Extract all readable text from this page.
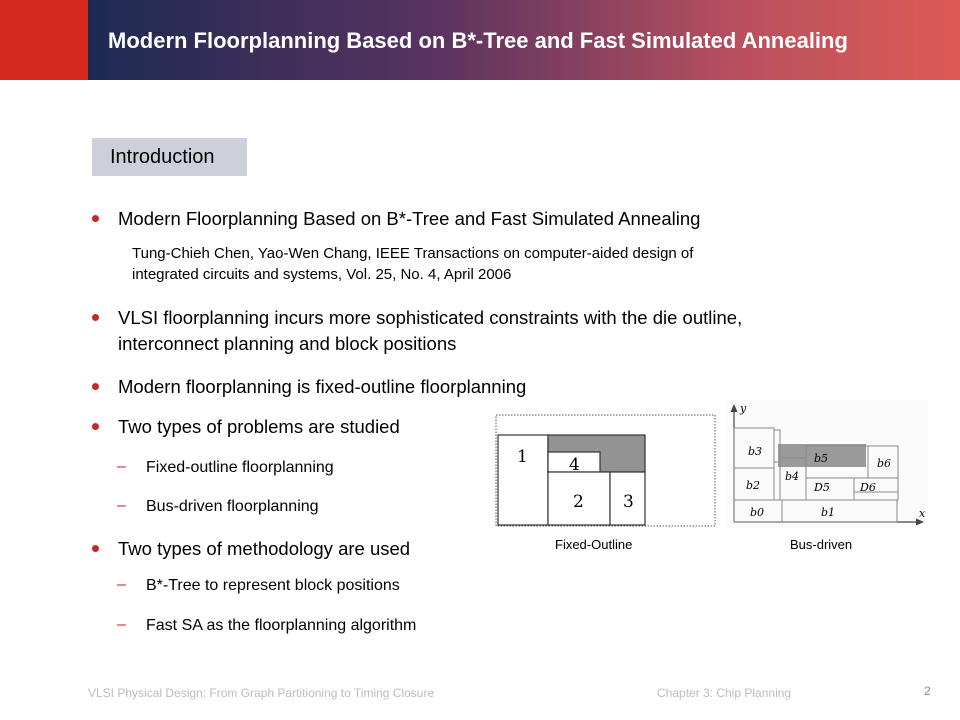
Modern Floorplanning Based on B*-Tree and Fast Simulated Annealing
Introduction
Modern Floorplanning Based on B*-Tree and Fast Simulated Annealing
Tung-Chieh Chen, Yao-Wen Chang, IEEE Transactions on computer-aided design of
integrated circuits and systems, Vol. 25, No. 4, April 2006
VLSI floorplanning incurs more sophisticated constraints with the die outline,
interconnect planning and block positions
Modern floorplanning is fixed-outline floorplanning
Two types of problems are studied
– Fixed-outline floorplanning
– Bus-driven floorplanning
Two types of methodology are used
– B*-Tree to represent block positions
– Fast SA as the floorplanning algorithm
1 4
2 3
Fixed-Outline
y
x
b3
b5	b6
b4
b2	D5	D6
b0	b1
Bus-driven
VLSI Physical Design: From Graph Partitioning to Timing Closure	Chapter 3: Chip Planning	2
